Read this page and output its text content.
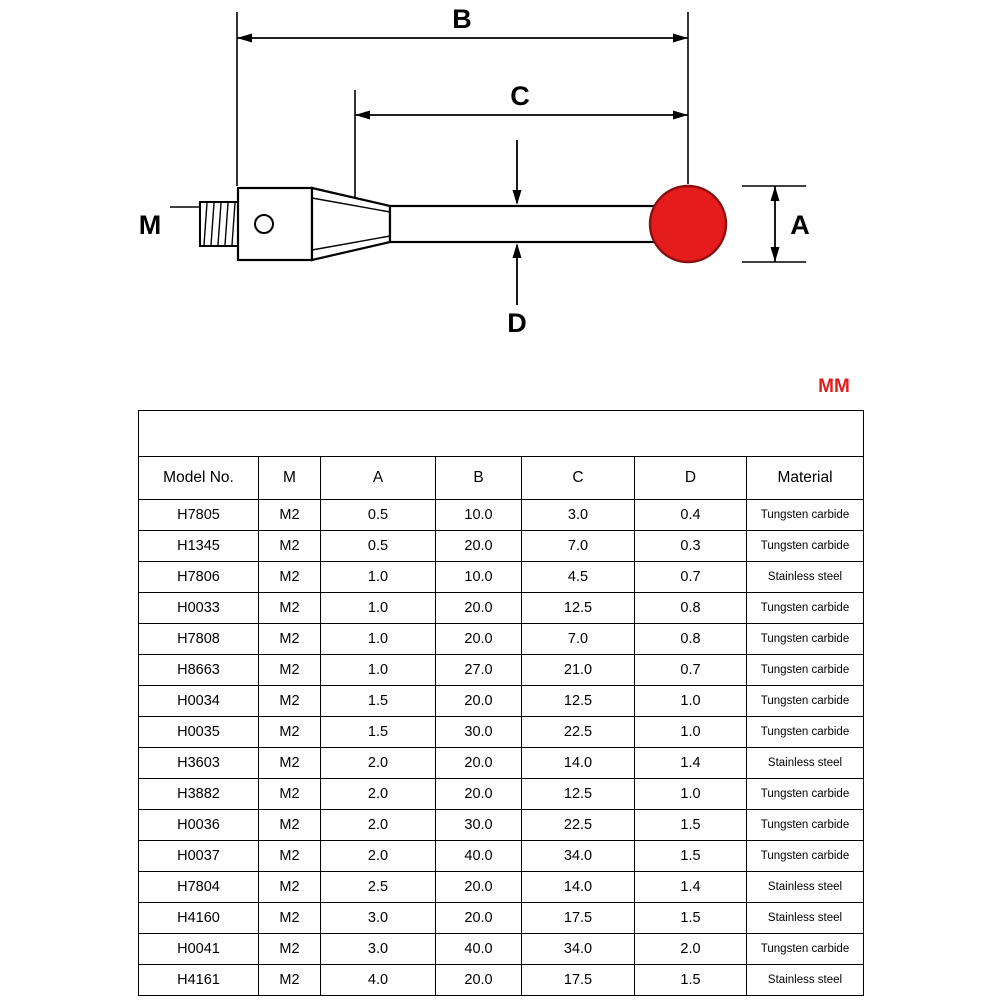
B
C
M	A
D
MM

Model No.	M	A	B	C	D	Material
H7805	M2	0.5	10.0	3.0	0.4	Tungsten carbide
H1345	M2	0.5	20.0	7.0	0.3	Tungsten carbide
H7806	M2	1.0	10.0	4.5	0.7	Stainless steel
H0033	M2	1.0	20.0	12.5	0.8	Tungsten carbide
H7808	M2	1.0	20.0	7.0	0.8	Tungsten carbide
H8663	M2	1.0	27.0	21.0	0.7	Tungsten carbide
H0034	M2	1.5	20.0	12.5	1.0	Tungsten carbide
H0035	M2	1.5	30.0	22.5	1.0	Tungsten carbide
H3603	M2	2.0	20.0	14.0	1.4	Stainless steel
H3882	M2	2.0	20.0	12.5	1.0	Tungsten carbide
H0036	M2	2.0	30.0	22.5	1.5	Tungsten carbide
H0037	M2	2.0	40.0	34.0	1.5	Tungsten carbide
H7804	M2	2.5	20.0	14.0	1.4	Stainless steel
H4160	M2	3.0	20.0	17.5	1.5	Stainless steel
H0041	M2	3.0	40.0	34.0	2.0	Tungsten carbide
H4161	M2	4.0	20.0	17.5	1.5	Stainless steel
